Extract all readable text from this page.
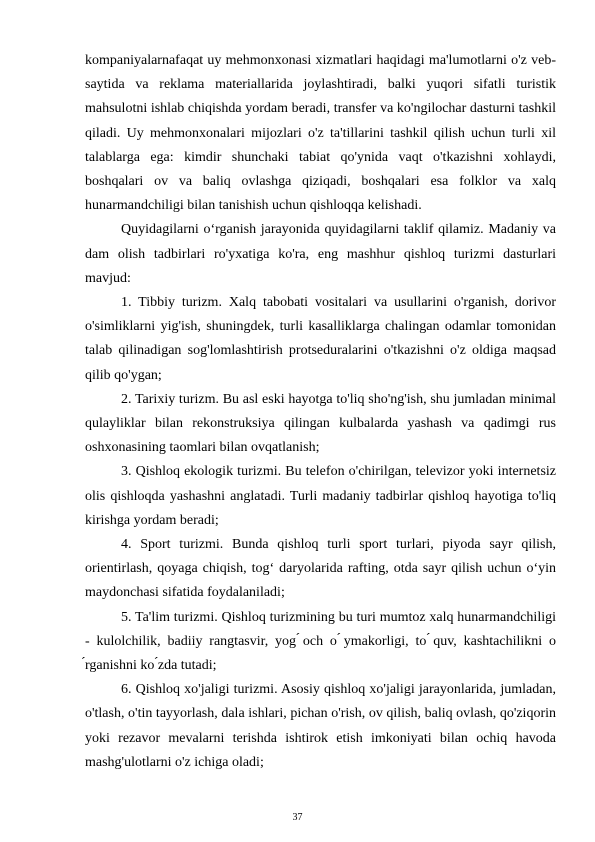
kompaniyalarnafaqat uy mehmonxonasi xizmatlari haqidagi ma'lumotlarni o'z veb-saytida va reklama materiallarida joylashtiradi, balki yuqori sifatli turistik mahsulotni ishlab chiqishda yordam beradi, transfer va ko'ngilochar dasturni tashkil qiladi. Uy mehmonxonalari mijozlari o'z ta'tillarini tashkil qilish uchun turli xil talablarga ega: kimdir shunchaki tabiat qo'ynida vaqt o'tkazishni xohlaydi, boshqalari ov va baliq ovlashga qiziqadi, boshqalari esa folklor va xalq hunarmandchiligi bilan tanishish uchun qishloqqa kelishadi.

Quyidagilarni o‘rganish jarayonida quyidagilarni taklif qilamiz. Madaniy va dam olish tadbirlari ro'yxatiga ko'ra, eng mashhur qishloq turizmi dasturlari mavjud:

1. Tibbiy turizm. Xalq tabobati vositalari va usullarini o'rganish, dorivor o'simliklarni yig'ish, shuningdek, turli kasalliklarga chalingan odamlar tomonidan talab qilinadigan sog'lomlashtirish protseduralarini o'tkazishni o'z oldiga maqsad qilib qo'ygan;

2. Tarixiy turizm. Bu asl eski hayotga to'liq sho'ng'ish, shu jumladan minimal qulayliklar bilan rekonstruksiya qilingan kulbalarda yashash va qadimgi rus oshxonasining taomlari bilan ovqatlanish;

3. Qishloq ekologik turizmi. Bu telefon o'chirilgan, televizor yoki internetsiz olis qishloqda yashashni anglatadi. Turli madaniy tadbirlar qishloq hayotiga to'liq kirishga yordam beradi;

4. Sport turizmi. Bunda qishloq turli sport turlari, piyoda sayr qilish, orientirlash, qoyaga chiqish, tog‘ daryolarida rafting, otda sayr qilish uchun o‘yin maydonchasi sifatida foydalaniladi;

5. Ta'lim turizmi. Qishloq turizmining bu turi mumtoz xalq hunarmandchiligi - kulolchilik, badiiy rangtasvir, yog ́och o ́ymakorligi, to ́quv, kashtachilikni o ́rganishni ko ́zda tutadi;

6. Qishloq xo'jaligi turizmi. Asosiy qishloq xo'jaligi jarayonlarida, jumladan, o'tlash, o'tin tayyorlash, dala ishlari, pichan o'rish, ov qilish, baliq ovlash, qo'ziqorin yoki rezavor mevalarni terishda ishtirok etish imkoniyati bilan ochiq havoda mashg'ulotlarni o'z ichiga oladi;

37
